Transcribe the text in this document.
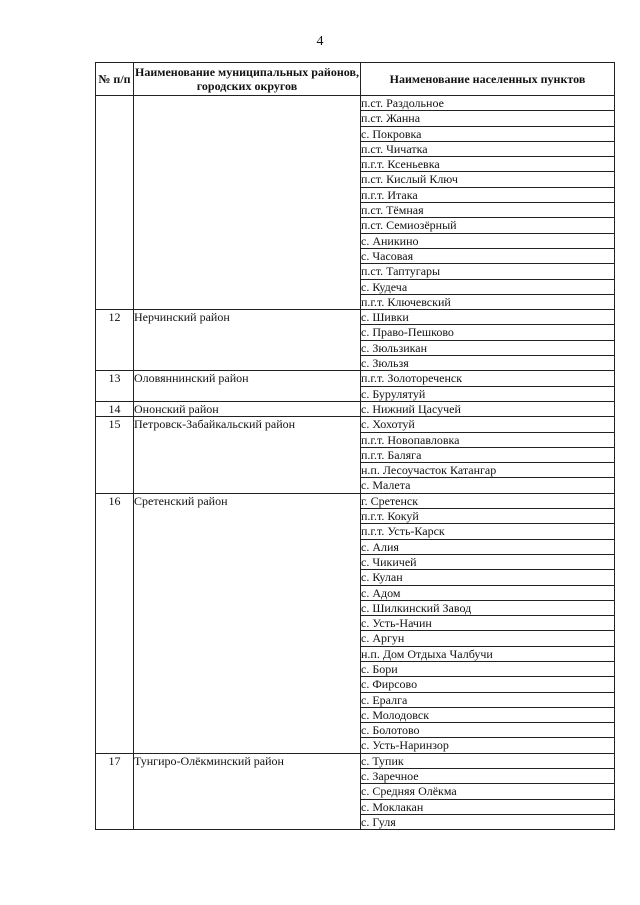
4
№ п/п	Наименование муниципальных районов, городских округов	Наименование населенных пунктов
		п.ст. Раздольное
		п.ст. Жанна
		с. Покровка
		п.ст. Чичатка
		п.г.т. Ксеньевка
		п.ст. Кислый Ключ
		п.г.т. Итака
		п.ст. Тёмная
		п.ст. Семиозёрный
		с. Аникино
		с. Часовая
		п.ст. Таптугары
		с. Кудеча
		п.г.т. Ключевский
12	Нерчинский район	с. Шивки
		с. Право-Пешково
		с. Зюльзикан
		с. Зюльзя
13	Оловяннинский район	п.г.т. Золотореченск
		с. Бурулятуй
14	Ононский район	с. Нижний Цасучей
15	Петровск-Забайкальский район	с. Хохотуй
		п.г.т. Новопавловка
		п.г.т. Баляга
		н.п. Лесоучасток Катангар
		с. Малета
16	Сретенский район	г. Сретенск
		п.г.т. Кокуй
		п.г.т. Усть-Карск
		с. Алия
		с. Чикичей
		с. Кулан
		с. Адом
		с. Шилкинский Завод
		с. Усть-Начин
		с. Аргун
		н.п. Дом Отдыха Чалбучи
		с. Бори
		с. Фирсово
		с. Ералга
		с. Молодовск
		с. Болотово
		с. Усть-Наринзор
17	Тунгиро-Олёкминский район	с. Тупик
		с. Заречное
		с. Средняя Олёкма
		с. Моклакан
		с. Гуля
